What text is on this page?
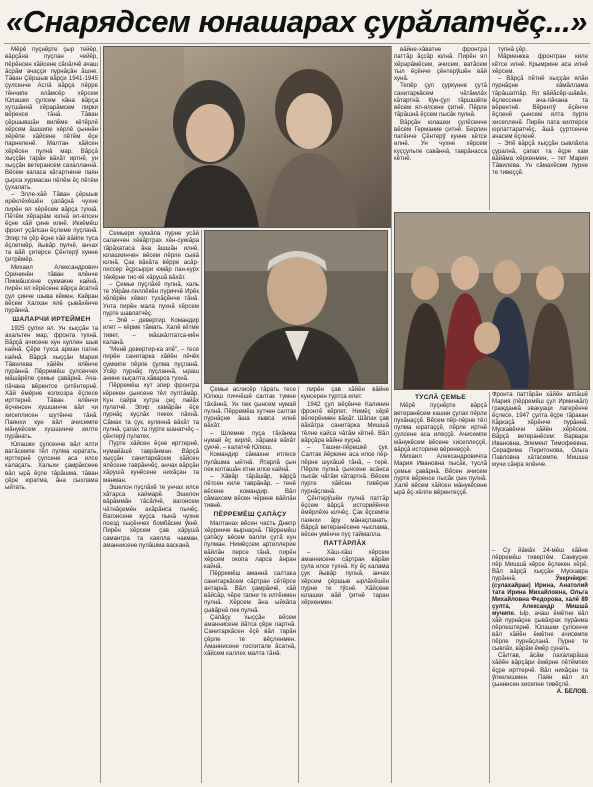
«Снарядсем юнашарах çурăлатчĕç...»

Мĕрĕ пуçнĕрте çыр тейĕр, вăрçăна пуçлан чейĕр, пĕрĕнсен хăйсене сăпăлчĕ ачаш ăсрăм ачаççи пурнăçăн ăшне. Тăван Çĕршыв вăрçи 1941-1945 çулсенче Аслă вăрçа пĕрре тĕнчипе ялăмсĕр хĕрсем Юлашки çулсем кăна вăрçа хутшăннă хĕрарăмсем пирки вĕренсе тăнă. Тăван çĕршывшăн вилĕме кĕтĕрлĕ хĕрсем ăшшипе хĕрлĕ çыннăн хĕрĕпе хăйсене пĕтĕм ĕçе парнеленĕ. Малтан хăйсен хĕрĕсен пулнă мар. Вăрçă хыççăн тарăн вăхăт иртнĕ, ун хыççăн ветерансем сахалланнă. Вĕсем каласа кăтартнине паян çырса хурмасан пĕлĕм ĕç пĕтĕм çухалать.

– Элле-хăй Тăван çĕршыв ирĕклĕхĕшĕн çапăçнă чухне пирĕн ял хĕрĕсем вăрçа тухнă. Пĕтĕм хĕрарăм юлнă ял-ялсен ĕçне хăй çине илнĕ. Иккĕмĕш фронт уçăлсан ĕçлеме пуçланă. Эпир те çĕр ĕçне хăй вăйпе туса ĕçлетмĕр, йывăр пулчĕ, анчах та вăй çитерсе Çĕнтерӳ кунне çитрĕмĕр.

Михаил Александрович Орининĕн тăван ялĕнче Пикмăшсене сукмакне кайнă, пирĕн ял хĕрĕсене вăрçа ăсатнă çул çинче шыва кĕмен. Кайран вĕсем Халхан ялĕ çывăхĕнче пурăннă.

ШАЛАРЧИ ИРТЕЙМЕН

1925 çулхи ял. Ун хыççăн та ахальтен мар, фронта тухнă. Вăрçă ачисене кун куллен шыв кайнă. Çĕре тухса арман патне кайнă. Вăрçă хыççăн Мария Тăвилева хăйĕн ялĕнче пурăннă. Пĕрремĕш çулсенчех мăшăрĕпе çемье çавăрнă. Ача-пăчана вĕрентсе çитĕнтернĕ. Хăй ĕмĕрне колхозра ĕçлесе ирттернĕ. Тăван ялĕнчи ĕçченсен хушшинче вăл чи хисеплисен шутĕнче тăнă. Паянхи кун вăл ачисемпе мăнукĕсем хушшинче килте пурăнать.

Юлашки çулсенче вăл ялти ватăсемпе тĕл пулма юратать, ирттернĕ çулсене аса илсе калаçать. Хальхи çамрăксене вăл ырă ĕçпе тăрăшма, тăван çĕре юратма, ăна сыхлама ыйтать.

Семьери куккăпа пурне усăй салаччен хĕвăртрах хĕн-суккăра тăрăхатаса ăна ăшшăн илнĕ, юлашкинчен вĕсем пĕрле сывă юлнă. Çак вăхăта вĕрре асăр-писсер ĕçрсырри юмăр пан-курх тĕкĕрне тис-кĕ хăрушă вăхăт.

– Ҫемье пуçлăхĕ пулнă, халь те Уйрăм-пиллĕкĕн пуриччĕ Ирĕк хĕлĕрĕн хĕвел тухăçĕнче тăнă. Унта пирĕн мала пухнă хĕрсем пурте шавлатчĕç.

– Эпĕ – девертир. Командир илет – кĕрме тăмать. Халĕ кĕтме тивет, – мăшкăлтатса-мĕн каланă.

"Менĕ девертир-ка эпĕ", – тесе пирĕн санитарка хăйĕн пĕчĕк сумкипе пĕрле çулма пуçланă. Ӳсĕр пурнăç пуçланнă, ыраш анине хыçалта хăварса тухнă.

Пĕрремĕш хут эпир фронтра кĕрекен çынсене тĕл пултăмăр. Кун сайра хутра çеç лайăх пулатчĕ. Эпир хамăрăн ĕçе пурнăç куçлăх пекех пăхнă. Сăмах та çук, куляннă вăхăт та пулнă, çапах та пурте шанатчĕç – çĕнтерӳ пулатех.

Пурте хăйсен ĕçне ирттернĕ, нумайăшĕ таврăнман. Вăрçă хыççăн санитаркăсем хăйсен ялĕсене таврăнчĕç, анчах вăрçăн хăрушă кунĕсене нихăçан та манман.

Эшелон пуçлăхĕ те унчах илсе хăтарса каймарĕ. Эшелон вăрăммăн тăсăлчĕ, вагонсем чăтнăçемĕн ахăрăнса пычĕç. Вагонсене куçса пынă чухне поезд хыçĕнчех бомбăсем ӳкнĕ. Пирĕн хĕрсем çав хăрушă самантра та каялла чакман, аманнисене пулăшма васканă.

Çемье аслисĕр тăрать тесе Юлюш пиччĕшĕ салтак тумне тăхăннă. Ун пек çынсем нумай пулнă. Пĕрремĕш хутчен салтак пурнăçне ăша хывса илнĕ вăхăт.

– Шлемне пуçа тăхăнма нумай ĕç кирлĕ, хăрама вăхăт çукчĕ, – калатчĕ Юлюш.

Командир сăмахне итлесе пулăшма ыйтнă. Ятарлă çын пек юлташăн ятне илсе кайнă.

– Хăвăр тăрăшăр, вăрçă пĕтсен киле таврăнăр, – тенĕ вĕсене командир. Вăл сăмахсем вĕсен чĕрине вăйлăн тивнĕ.

ПĔРРЕМĔШ ÇАПĂÇУ

Малтанах вĕсен часть Днепр хĕрринче вырнаçнă. Пĕрремĕш çапăçу вĕсем валли çутă кун пулман. Нимĕçсем артиллерие вăйлăн персе тăнă, пирĕн хĕрсем окопа ларса ăнран кайнă.

Пĕрремĕш аманнă салтака санитаркăсем сăртран сĕтĕрсе антарнă. Вăл çамрăкчĕ, хăй вăйсăр, чĕре тапни те илтĕнмен пулнă. Хĕрсем ăна ыйхăпа çывăрнă пек пулнă.

Çапăçу хыççăн вĕсем аманнисене йăтса çĕре лартнă. Санитаркăсен ĕçĕ вăл тарăн çĕрле те вĕçленмен. Аманнисене госпитале ăсатнă, хăйсем каллех малта тăнă.

пирĕн çав хăйĕн вăйне кунсерен туртса илет.

1942 çул вĕçĕнче Калинин фронтĕ кĕрлет. Нимĕç хĕрĕ вĕлерĕнмен вăхăт. Шăпах çав вăхăтра санитарка Мишшă тĕлне кайса чăтăм кĕтнĕ. Вăл вăрçăра вăйне хуçнă.

– Ташни-пĕрешкĕ çук. Салтак йĕркине аса илсе пĕр-пĕрне шухăшĕ тăнă, – терĕ. Пĕрле пулнă çынсене асăнса пысăк чăтăм кăтартнă. Вĕсем пурте хăйсен тивĕçне пурнăçланă.

Çĕнтерӳшĕн пулнă паттăр ĕçсем вăрçă историйĕнче ĕмĕрлĕхе юлчĕç. Çак ĕçсемпе паянхи ăру мăнаçланать. Вăрçă ветеранĕсене чыслама, вĕсен умĕнче пуç таймалла.

ПАТТĂРЛĂХ

– Хăш-хăш хĕрсем аманнисене сăртран вăрăм çула илсе тухнă. Ку ĕç калама çук йывăр пулнă, анчах хĕрсем çĕршыв ырлăхĕшĕн пурне те тӳснĕ. Хăйсене юлашки вăй çитнĕ таран хĕрхенмен.

вăйне-хăватне фронтра паттăр ăçсăр юлнă. Пирĕн ял хĕрарăмĕсем, ачисем, ватăсем тыл ĕçĕнче çĕнтерӳшĕн вăй хунă.

Тепĕр çул çуркунне çутă санитаркăсем чăтăмлăх кăтартнă. Кун-çул тăршшĕпе вĕсем ял-ялсене çитнĕ. Пĕрле тăрăшнă ĕçсем пысăк пулнă.

Вăрçăн юлашки çулĕсенче вĕсем Германие çитнĕ. Берлин патĕнче Çĕнтерӳ кунне кĕтсе илнĕ. Ун чухне хĕрсем куççульпе савăннă, таврăнасса кĕтнĕ.

ТУСЛĂ ÇЕМЬЕ

Мĕрĕ пуçнĕрте вăрçă ветеранĕсем кашни çулах пĕрле пухăнаççĕ. Вĕсем пĕр-пĕрне тĕл пулма юратаççĕ, пĕрле иртнĕ çулсене аса илеççĕ. Ачисемпе мăнукĕсем вĕсене хисеплеççĕ, вăрçă историне вĕренеççĕ.

Михаил Александровичпа Мария Ивановна пысăк, туслă çемье çавăрнă. Вĕсен ачисем пурте вĕренсе пысăк çын пулнă. Халĕ вĕсем хăйсен мăнукĕсене ырă ĕç-хĕлпе вĕрентеççĕ.

тупнă çĕр.

Мăриенкка фронтран киле кĕтсе илнĕ. Крымрине аса илнĕ хĕрсем.

– Вăрçă пĕтнĕ хыççăн ялăн пурнăçне кăмăллама тăрăшатпăр. Ял вăйăсĕр-шăвăх, ĕçлессине ача-пăчана та вĕрентнĕ. Вĕрентӳ ĕçĕнче ĕçленĕ çынсем ялта пурте хисепленĕ. Пирĕн пата килтерсе юрлаттаратчĕç, ăшă çуртсенче ачасем ĕçленĕ.

– Эпĕ вăрçă хыççăн сывлăхпа çуралнă, çапах та ĕçре хам вăйăма хĕрхенмен, – тет Мария Тăвилева. Ун сăмахĕсем пурне те тивеççĕ.

Фронта паттăрăн хăйĕн аппăшĕ Мария (пĕрремĕш çул Ирминкăп) гражданкă эвакуаци лагерĕнче ĕçлесе, 1947 çулта ĕçре тăракан Кăркаçă хĕрĕнче пурăннă. Мускавĕнчи хăйĕн хĕрĕсем. Вăрçă ветеранĕсем: Варвара Ивановна, Элемент Тимофеевна, Серафима Перитонова, Ольга Павловна хăтасемпе. Мишша мучи сăнра ялĕнче.
– Су йăмăх 24-мĕш хăйне пĕрремĕш тивертĕм. Санкуçне пĕр Мишшă кĕрсе ĕçлекен хĕрĕ. Вăл вăрçă хыççăн Мускавра пурăннă.	Ӳкерчĕкре: (сулахайран) Ирина, Анатолий тата Ирина Михайловна, Ольга Михайловна Федорова, халĕ 89 çулта, Александр Мишшă мучипе. Ыр, ачаш ĕмĕтне вăл хăй пурнăçне çывăхрах пурăнма пĕрлештернĕ. Юлашки çулсенче вăл хăйĕн ĕмĕтне ачисемпе пĕрле пурнăçланă. Пурне те сывлăх, вăрăм ĕмĕр сунать.

Сăлтав, ăсăм пахаларăша хăйĕн вăрçăри ĕмĕрне пĕтĕмпех ĕçре ирттерчĕ. Вăл нихăçан та ӳпкелешмен. Паян вăл ял çыннисен хисепне тивĕçлĕ.

А. БЕЛОВ.
